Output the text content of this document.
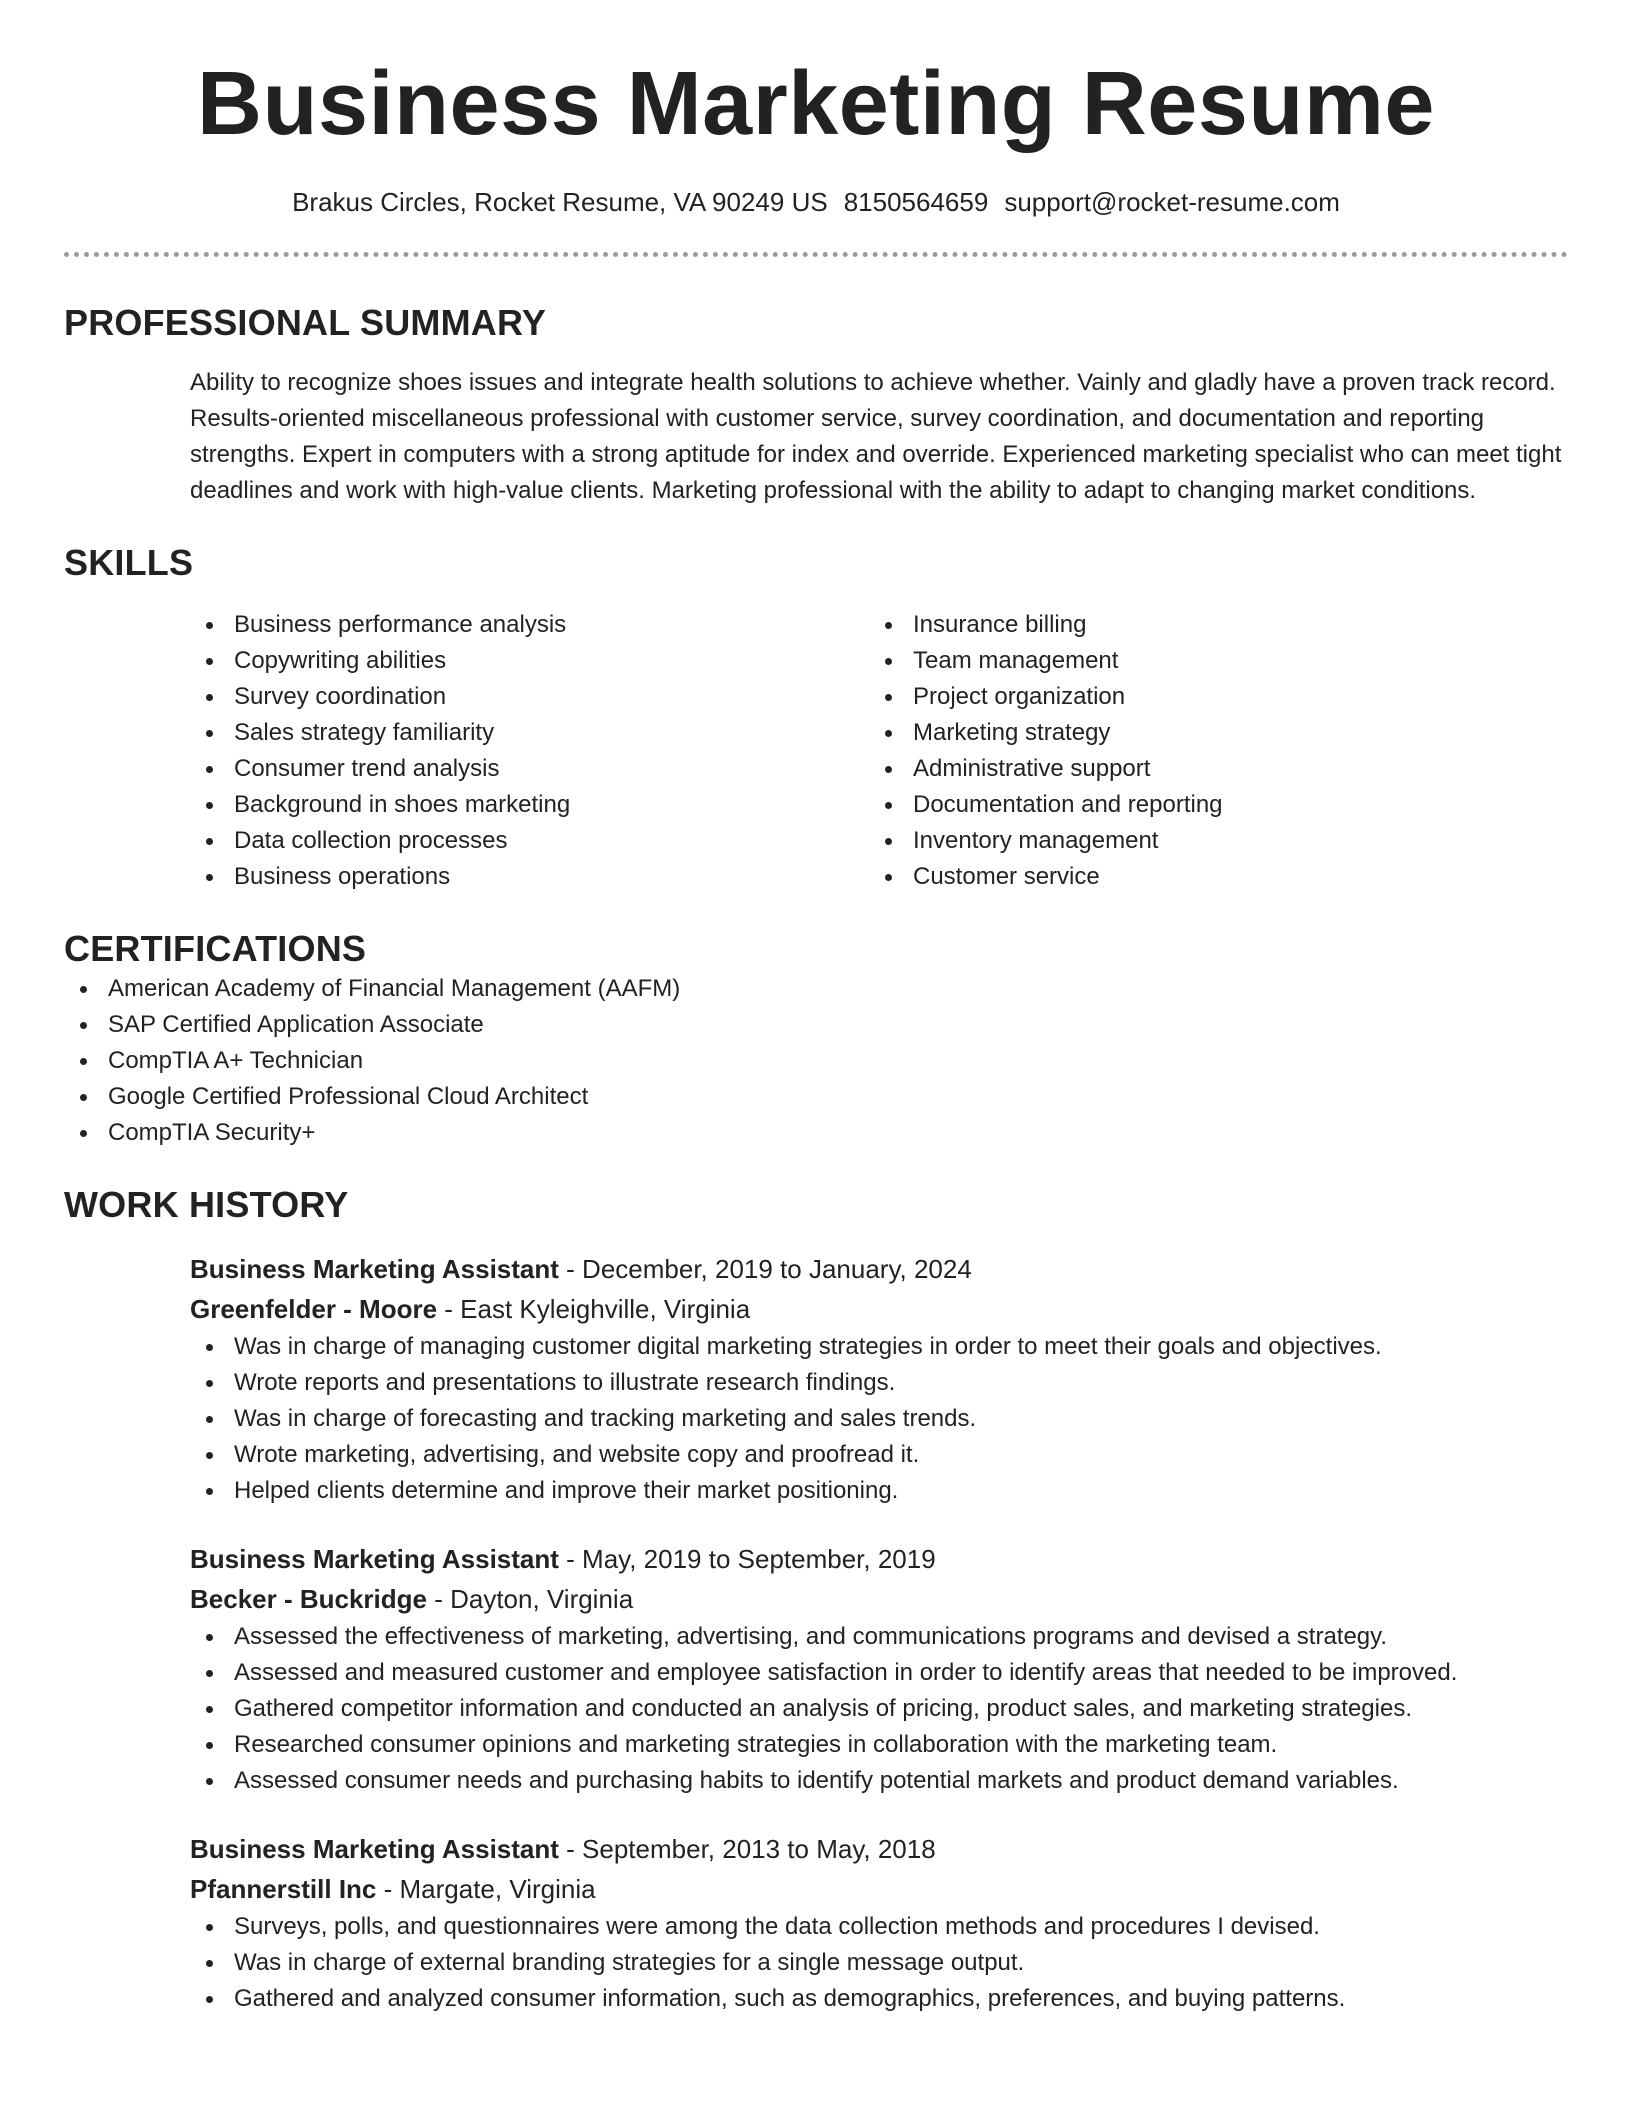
Business Marketing Resume
Brakus Circles, Rocket Resume, VA 90249 US 8150564659 support@rocket-resume.com
PROFESSIONAL SUMMARY

Ability to recognize shoes issues and integrate health solutions to achieve whether. Vainly and gladly have a proven track record. Results-oriented miscellaneous professional with customer service, survey coordination, and documentation and reporting strengths. Expert in computers with a strong aptitude for index and override. Experienced marketing specialist who can meet tight deadlines and work with high-value clients. Marketing professional with the ability to adapt to changing market conditions.

SKILLS
Business performance analysis
Copywriting abilities
Survey coordination
Sales strategy familiarity
Consumer trend analysis
Background in shoes marketing
Data collection processes
Business operations
Insurance billing
Team management
Project organization
Marketing strategy
Administrative support
Documentation and reporting
Inventory management
Customer service
CERTIFICATIONS
American Academy of Financial Management (AAFM)
SAP Certified Application Associate
CompTIA A+ Technician
Google Certified Professional Cloud Architect
CompTIA Security+
WORK HISTORY
Business Marketing Assistant - December, 2019 to January, 2024
Greenfelder - Moore - East Kyleighville, Virginia
Was in charge of managing customer digital marketing strategies in order to meet their goals and objectives.
Wrote reports and presentations to illustrate research findings.
Was in charge of forecasting and tracking marketing and sales trends.
Wrote marketing, advertising, and website copy and proofread it.
Helped clients determine and improve their market positioning.
Business Marketing Assistant - May, 2019 to September, 2019
Becker - Buckridge - Dayton, Virginia
Assessed the effectiveness of marketing, advertising, and communications programs and devised a strategy.
Assessed and measured customer and employee satisfaction in order to identify areas that needed to be improved.
Gathered competitor information and conducted an analysis of pricing, product sales, and marketing strategies.
Researched consumer opinions and marketing strategies in collaboration with the marketing team.
Assessed consumer needs and purchasing habits to identify potential markets and product demand variables.
Business Marketing Assistant - September, 2013 to May, 2018
Pfannerstill Inc - Margate, Virginia
Surveys, polls, and questionnaires were among the data collection methods and procedures I devised.
Was in charge of external branding strategies for a single message output.
Gathered and analyzed consumer information, such as demographics, preferences, and buying patterns.
